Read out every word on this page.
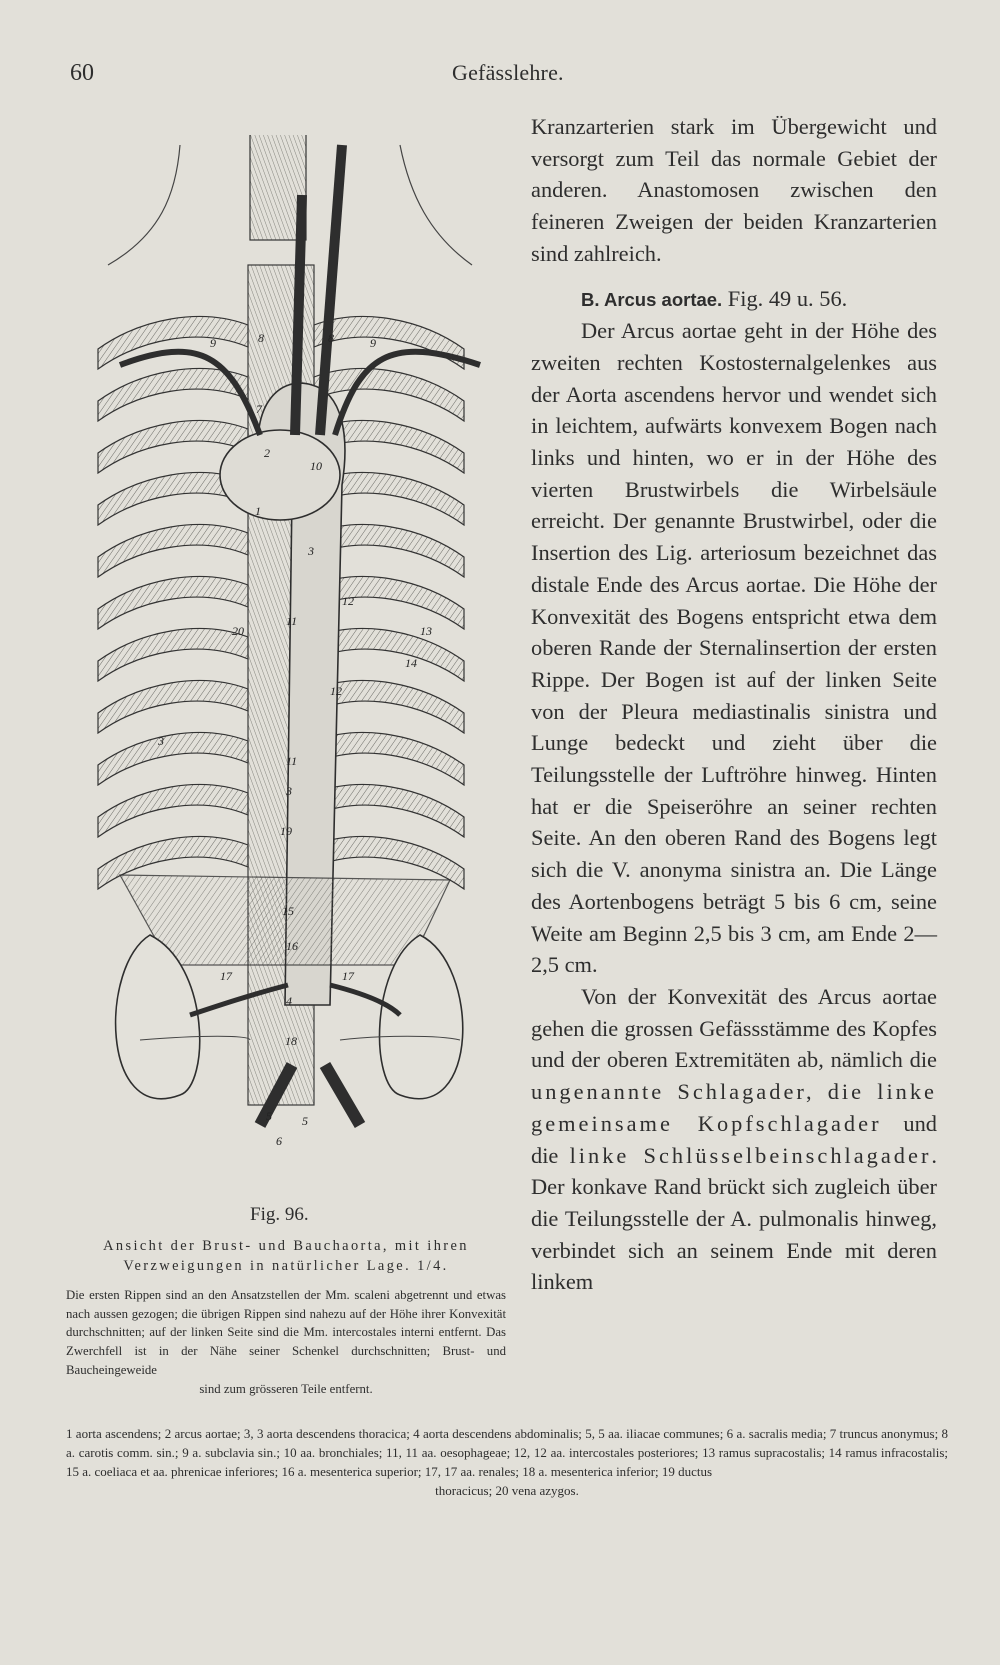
60	Gefässlehre.
9	8	8	9
7
2
10
1
3
12
11
20	13
14
12
3
11
3
19
15
16
17	17
4
18
5	5
6
Fig. 96.
Ansicht der Brust- und Bauchaorta, mit ihren Verzweigungen in natürlicher Lage. 1/4.
Die ersten Rippen sind an den Ansatzstellen der Mm. scaleni abgetrennt und etwas nach aussen gezogen; die übrigen Rippen sind nahezu auf der Höhe ihrer Konvexität durchschnitten; auf der linken Seite sind die Mm. intercostales interni entfernt. Das Zwerchfell ist in der Nähe seiner Schenkel durchschnitten; Brust- und Baucheingeweide
sind zum grösseren Teile entfernt.

Kranzarterien stark im Übergewicht und versorgt zum Teil das normale Gebiet der anderen. Anastomosen zwischen den feineren Zweigen der beiden Kranzarterien sind zahlreich.

B. Arcus aortae. Fig. 49 u. 56.

Der Arcus aortae geht in der Höhe des zweiten rechten Kostosternalgelenkes aus der Aorta ascendens hervor und wendet sich in leichtem, aufwärts konvexem Bogen nach links und hinten, wo er in der Höhe des vierten Brustwirbels die Wirbelsäule erreicht. Der genannte Brustwirbel, oder die Insertion des Lig. arteriosum bezeichnet das distale Ende des Arcus aortae. Die Höhe der Konvexität des Bogens entspricht etwa dem oberen Rande der Sternalinsertion der ersten Rippe. Der Bogen ist auf der linken Seite von der Pleura mediastinalis sinistra und Lunge bedeckt und zieht über die Teilungsstelle der Luftröhre hinweg. Hinten hat er die Speiseröhre an seiner rechten Seite. An den oberen Rand des Bogens legt sich die V. anonyma sinistra an. Die Länge des Aortenbogens beträgt 5 bis 6 cm, seine Weite am Beginn 2,5 bis 3 cm, am Ende 2—2,5 cm.

Von der Konvexität des Arcus aortae gehen die grossen Gefässstämme des Kopfes und der oberen Extremitäten ab, nämlich die ungenannte Schlagader, die linke gemeinsame Kopfschlagader und die linke Schlüsselbeinschlagader. Der konkave Rand brückt sich zugleich über die Teilungsstelle der A. pulmonalis hinweg, verbindet sich an seinem Ende mit deren linkem

1 aorta ascendens; 2 arcus aortae; 3, 3 aorta descendens thoracica; 4 aorta descendens abdominalis; 5, 5 aa. iliacae communes; 6 a. sacralis media; 7 truncus anonymus; 8 a. carotis comm. sin.; 9 a. subclavia sin.; 10 aa. bronchiales; 11, 11 aa. oesophageae; 12, 12 aa. intercostales posteriores; 13 ramus supracostalis; 14 ramus infracostalis; 15 a. coeliaca et aa. phrenicae inferiores; 16 a. mesenterica superior; 17, 17 aa. renales; 18 a. mesenterica inferior; 19 ductus
thoracicus; 20 vena azygos.
